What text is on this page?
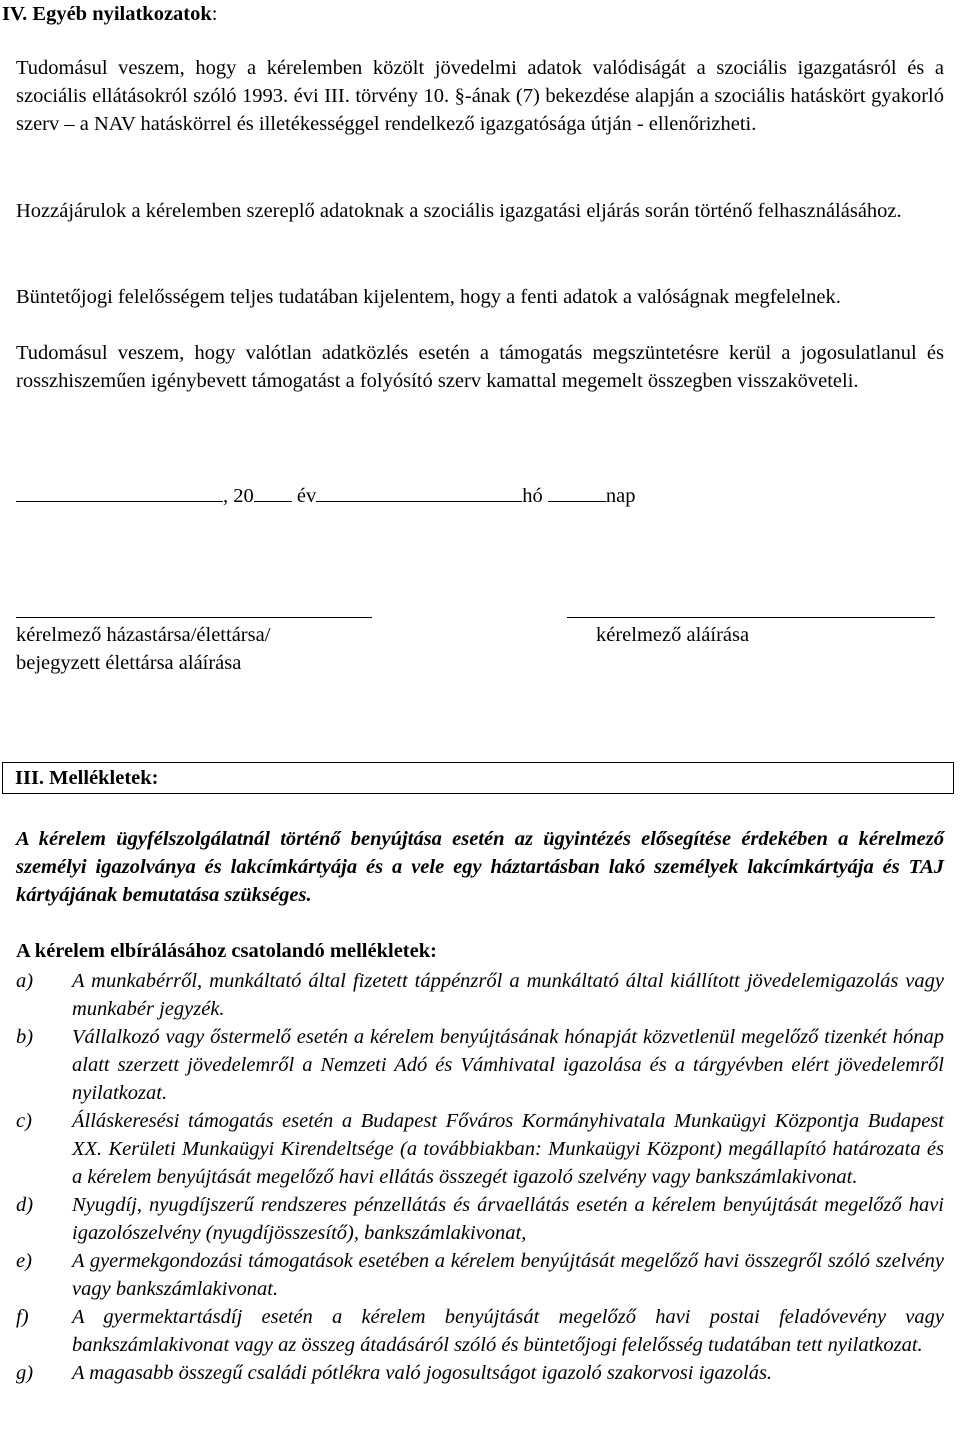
IV. Egyéb nyilatkozatok:

Tudomásul veszem, hogy a kérelemben közölt jövedelmi adatok valódiságát a szociális igazgatásról és a szociális ellátásokról szóló 1993. évi III. törvény 10. §-ának (7) bekezdése alapján a szociális hatáskört gyakorló szerv – a NAV hatáskörrel és illetékességgel rendelkező igazgatósága útján - ellenőrizheti.

Hozzájárulok a kérelemben szereplő adatoknak a szociális igazgatási eljárás során történő felhasználásához.

Büntetőjogi felelősségem teljes tudatában kijelentem, hogy a fenti adatok a valóságnak megfelelnek.

Tudomásul veszem, hogy valótlan adatközlés esetén a támogatás megszüntetésre kerül a jogosulatlanul és rosszhiszeműen igénybevett támogatást a folyósító szerv kamattal megemelt összegben visszaköveteli.

, 20 év	hó	nap
kérelmező házastársa/élettársa/
bejegyzett élettársa aláírása
kérelmező aláírása
III. Mellékletek:

A kérelem ügyfélszolgálatnál történő benyújtása esetén az ügyintézés elősegítése érdekében a kérelmező személyi igazolványa és lakcímkártyája és a vele egy háztartásban lakó személyek lakcímkártyája és TAJ kártyájának bemutatása szükséges.

A kérelem elbírálásához csatolandó mellékletek:
a) A munkabérről, munkáltató által fizetett táppénzről a munkáltató által kiállított jövedelemigazolás vagy munkabér jegyzék.
b) Vállalkozó vagy őstermelő esetén a kérelem benyújtásának hónapját közvetlenül megelőző tizenkét hónap alatt szerzett jövedelemről a Nemzeti Adó és Vámhivatal igazolása és a tárgyévben elért jövedelemről nyilatkozat.
c) Álláskeresési támogatás esetén a Budapest Főváros Kormányhivatala Munkaügyi Központja Budapest XX. Kerületi Munkaügyi Kirendeltsége (a továbbiakban: Munkaügyi Központ) megállapító határozata és a kérelem benyújtását megelőző havi ellátás összegét igazoló szelvény vagy bankszámlakivonat.
d) Nyugdíj, nyugdíjszerű rendszeres pénzellátás és árvaellátás esetén a kérelem benyújtását megelőző havi igazolószelvény (nyugdíjösszesítő), bankszámlakivonat,
e) A gyermekgondozási támogatások esetében a kérelem benyújtását megelőző havi összegről szóló szelvény vagy bankszámlakivonat.
f) A gyermektartásdíj esetén a kérelem benyújtását megelőző havi postai feladóvevény vagy bankszámlakivonat vagy az összeg átadásáról szóló és büntetőjogi felelősség tudatában tett nyilatkozat.
g) A magasabb összegű családi pótlékra való jogosultságot igazoló szakorvosi igazolás.
